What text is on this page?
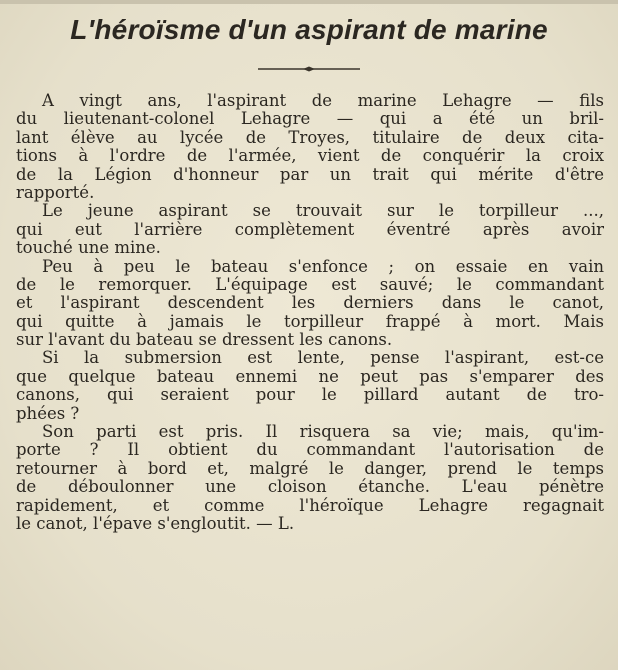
L'héroïsme d'un aspirant de marine
A vingt ans, l'aspirant de marine Lehagre — fils
du lieutenant-colonel Lehagre — qui a été un bril-
lant élève au lycée de Troyes, titulaire de deux cita-
tions à l'ordre de l'armée, vient de conquérir la croix
de la Légion d'honneur par un trait qui mérite d'être
rapporté.
Le jeune aspirant se trouvait sur le torpilleur ...,
qui eut l'arrière complètement éventré après avoir
touché une mine.
Peu à peu le bateau s'enfonce ; on essaie en vain
de le remorquer. L'équipage est sauvé; le commandant
et l'aspirant descendent les derniers dans le canot,
qui quitte à jamais le torpilleur frappé à mort. Mais
sur l'avant du bateau se dressent les canons.
Si la submersion est lente, pense l'aspirant, est-ce
que quelque bateau ennemi ne peut pas s'emparer des
canons, qui seraient pour le pillard autant de tro-
phées ?
Son parti est pris. Il risquera sa vie; mais, qu'im-
porte ? Il obtient du commandant l'autorisation de
retourner à bord et, malgré le danger, prend le temps
de déboulonner une cloison étanche. L'eau pénètre
rapidement, et comme l'héroïque Lehagre regagnait
le canot, l'épave s'engloutit. — L.
